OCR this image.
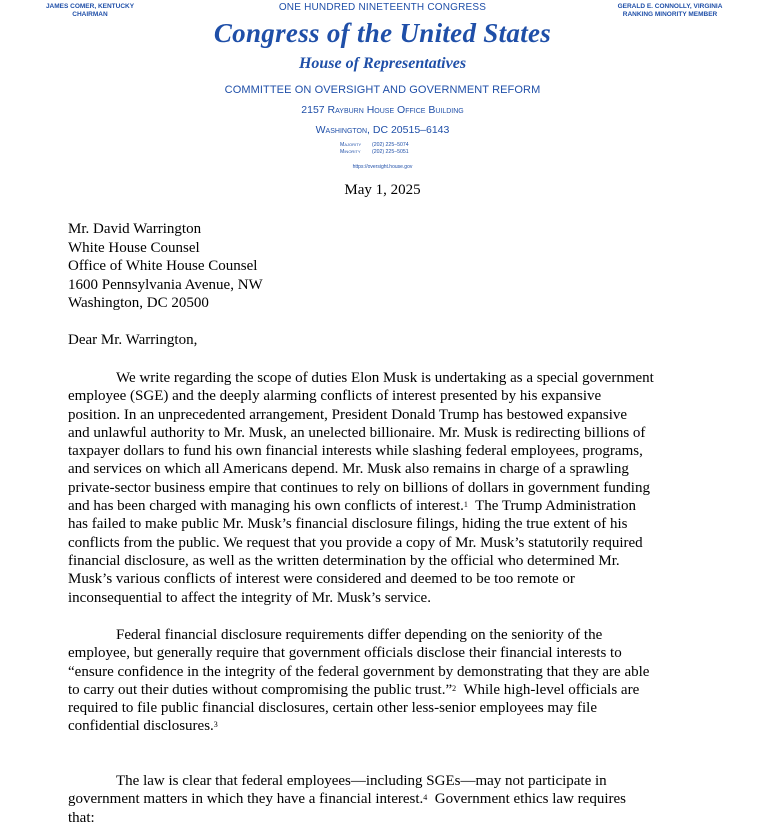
JAMES COMER, KENTUCKY
CHAIRMAN
ONE HUNDRED NINETEENTH CONGRESS	GERALD E. CONNOLLY, VIRGINIA
RANKING MINORITY MEMBER
Congress of the United States
House of Representatives
COMMITTEE ON OVERSIGHT AND GOVERNMENT REFORM
2157 Rayburn House Office Building
Washington, DC 20515–6143
Majority (202) 225–5074
Minority (202) 225–5051
https://oversight.house.gov
May 1, 2025
Mr. David Warrington
White House Counsel
Office of White House Counsel
1600 Pennsylvania Avenue, NW
Washington, DC 20500
Dear Mr. Warrington,
We write regarding the scope of duties Elon Musk is undertaking as a special government
employee (SGE) and the deeply alarming conflicts of interest presented by his expansive
position. In an unprecedented arrangement, President Donald Trump has bestowed expansive
and unlawful authority to Mr. Musk, an unelected billionaire. Mr. Musk is redirecting billions of
taxpayer dollars to fund his own financial interests while slashing federal employees, programs,
and services on which all Americans depend. Mr. Musk also remains in charge of a sprawling
private-sector business empire that continues to rely on billions of dollars in government funding
and has been charged with managing his own conflicts of interest.$^1$ The Trump Administration
has failed to make public Mr. Musk’s financial disclosure filings, hiding the true extent of his
conflicts from the public. We request that you provide a copy of Mr. Musk’s statutorily required
financial disclosure, as well as the written determination by the official who determined Mr.
Musk’s various conflicts of interest were considered and deemed to be too remote or
inconsequential to affect the integrity of Mr. Musk’s service.
Federal financial disclosure requirements differ depending on the seniority of the
employee, but generally require that government officials disclose their financial interests to
“ensure confidence in the integrity of the federal government by demonstrating that they are able
to carry out their duties without compromising the public trust.”$^2$ While high-level officials are
required to file public financial disclosures, certain other less-senior employees may file
confidential disclosures.$^3$
The law is clear that federal employees—including SGEs—may not participate in
government matters in which they have a financial interest.$^4$ Government ethics law requires
that:
